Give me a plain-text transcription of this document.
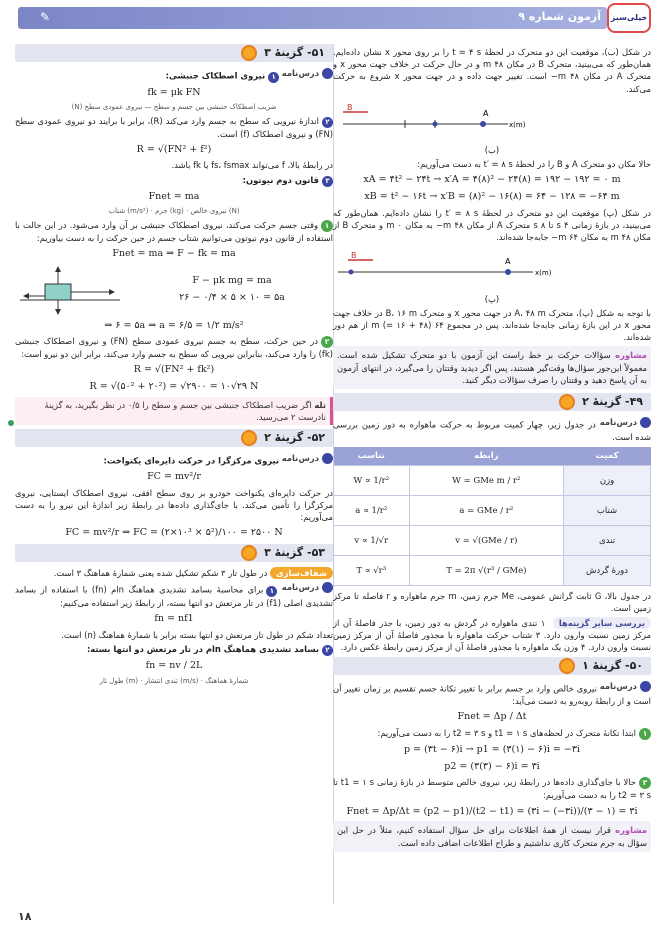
آزمون شماره ۹	خیلی‌سبز
✎
در شکل (ب)، موقعیت این دو متحرک در لحظهٔ t = ۴ s را بر روی محور x نشان داده‌ایم. همان‌طور که می‌بینید، متحرک B در مکان ۴۸ m و در حال حرکت در خلاف جهت محور x و متحرک A در مکان ۴۸ m− است. تغییر جهت داده و در جهت محور x شروع به حرکت می‌کند.
B
A
x(m)
(ب)
حالا مکان دو متحرک A و B را در لحظهٔ t′ = ۸ s به دست می‌آوریم:
xA = ۴t² − ۲۴t → x′A = ۴(۸)² − ۲۴(۸) = ۱۹۲ − ۱۹۲ = ۰ m
xB = t² − ۱۶t → x′B = (۸)² − ۱۶(۸) = ۶۴ − ۱۲۸ = −۶۴ m
در شکل (پ) موقعیت این دو متحرک در لحظهٔ t′ = ۸ s را نشان داده‌ایم. همان‌طور که می‌بینید، در بازهٔ زمانی ۴ s تا ۸ s متحرک A از مکان ۴۸ m− به مکان ۰ m و متحرک B از مکان ۴۸ m به مکان ۶۴ m− جابه‌جا شده‌اند.
B
A
x(m)
(پ)
با توجه به شکل (پ)، متحرک A، ۴۸ m در جهت محور x و متحرک B، ۱۶ m در خلاف جهت محور x در این بازهٔ زمانی جابه‌جا شده‌اند. پس در مجموع ۶۴ m (= ۱۶ + ۴۸) از هم دور شده‌اند.
مشاوره سؤالات حرکت بر خط راست این آزمون با دو متحرک تشکیل شده است. معمولاً این‌جور سؤال‌ها وقت‌گیر هستند، پس اگر دیدید وقتتان را می‌گیرد، در انتهای آزمون به آن پاسخ دهید و وقتتان را صرف سؤالات دیگر کنید.
۴۹- گزینهٔ ۲
درس‌نامه
در جدول زیر، چهار کمیت مربوط به حرکت ماهواره به دور زمین بررسی شده است.
کمیت	رابطه	تناسب
وزن	W = GMe m / r²	W ∝ 1/r²
شتاب	a = GMe / r²	a ∝ 1/r²
تندی	v = √(GMe / r)	v ∝ 1/√r
دورهٔ گردش	T = 2π √(r³ / GMe)	T ∝ √r³
در جدول بالا، G ثابت گرانش عمومی، Me جرم زمین، m جرم ماهواره و r فاصله تا مرکز زمین است.
بررسی سایر گزینه‌ها ۱ تندی ماهواره در گردش به دور زمین، با جذر فاصلهٔ آن از مرکز زمین نسبت وارون دارد. ۳ شتاب حرکت ماهواره با مجذور فاصلهٔ آن از مرکز زمین نسبت وارون دارد. ۴ وزن یک ماهواره با مجذور فاصلهٔ آن از مرکز زمین رابطهٔ عکس دارد.
۵۰- گزینهٔ ۱
درس‌نامه
نیروی خالص وارد بر جسم برابر با تغییر تکانهٔ جسم تقسیم بر زمان تغییر آن است و از رابطهٔ روبه‌رو به دست می‌آید:
Fnet = Δp / Δt
۱ابتدا تکانهٔ متحرک در لحظه‌های t1 = ۱ s و t2 = ۳ s را به دست می‌آوریم:
p = (۳t − ۶)i → p1 = (۳(۱) − ۶)i = −۳i
p2 = (۳(۳) − ۶)i = ۳i
۲حالا با جای‌گذاری داده‌ها در رابطهٔ زیر، نیروی خالص متوسط در بازهٔ زمانی t1 = ۱ s تا t2 = ۳ s را به دست می‌آوریم:
Fnet = Δp/Δt = (p2 − p1)/(t2 − t1) = (۳i − (−۳i))/(۳ − ۱) = ۳i
مشاوره قرار نیست از همهٔ اطلاعات برای حل سؤال استفاده کنیم، مثلاً در حل این سؤال به جرم متحرک کاری نداشتیم و طراح اطلاعات اضافی داده است.
۵۱- گزینهٔ ۳
درس‌نامه
۱نیروی اصطکاک جنبشی:
fk = μk FN
ضریب اصطکاک جنبشی بین جسم و سطح — نیروی عمودی سطح (N)
۲اندازهٔ نیرویی که سطح به جسم وارد می‌کند (R)، برابر با برایند دو نیروی عمودی سطح (FN) و نیروی اصطکاک (f) است.
R = √(FN² + f²)
در رابطهٔ بالا، f می‌تواند fs، fsmax یا fk باشد.
۳قانون دوم نیوتون:
Fnet = ma
(N) نیروی خالص · (kg) جرم · (m/s²) شتاب
۱وقتی جسم حرکت می‌کند، نیروی اصطکاک جنبشی بر آن وارد می‌شود. در این حالت با استفاده از قانون دوم نیوتون می‌توانیم شتاب جسم در حین حرکت را به دست بیاوریم:
Fnet = ma ⇒ F − fk = ma
F − μk mg = ma
۲۶ − ۰/۴ × ۵ × ۱۰ = ۵a
⇒ ۶ = ۵a ⇒ a = ۶/۵ = ۱/۲ m/s²
۲در حین حرکت، سطح به جسم نیروی عمودی سطح (FN) و نیروی اصطکاک جنبشی (fk) را وارد می‌کند، بنابراین نیرویی که سطح به جسم وارد می‌کند، برابر این دو نیرو است:
R = √(FN² + fk²)
R = √(۵۰² + ۲۰²) = √۲۹۰۰ = ۱۰√۲۹ N
تله اگر ضریب اصطکاک جنبشی بین جسم و سطح را ۰/۵ در نظر بگیرید، به گزینهٔ نادرست ۲ می‌رسید.
۵۲- گزینهٔ ۲
درس‌نامه
نیروی مرکزگرا در حرکت دایره‌ای یکنواخت:
FC = mv²/r
در حرکت دایره‌ای یکنواخت خودرو بر روی سطح افقی، نیروی اصطکاک ایستایی، نیروی مرکزگرا را تأمین می‌کند. با جای‌گذاری داده‌ها در رابطهٔ زیر اندازهٔ این نیرو را به دست می‌آوریم:
FC = mv²/r ⇒ FC = (۲×۱۰³ × ۵²)/۱۰۰ = ۲۵۰۰ N
۵۳- گزینهٔ ۳
شفاف‌سازی در طول تار ۳ شکم تشکیل شده یعنی شمارهٔ هماهنگ ۳ است.
درس‌نامه
۱برای محاسبهٔ بسامد تشدیدی هماهنگ nام (fn) با استفاده از بسامد تشدیدی اصلی (f1) در تار مرتعش دو انتها بسته، از رابطهٔ زیر استفاده می‌کنیم:
fn = nf1
تعداد شکم در طول تار مرتعش دو انتها بسته برابر با شمارهٔ هماهنگ (n) است.
۲بسامد تشدیدی هماهنگ nام در تار مرتعش دو انتها بسته:
fn = nv / 2L
شمارهٔ هماهنگ · (m/s) تندی انتشار · (m) طول تار
۱۸
